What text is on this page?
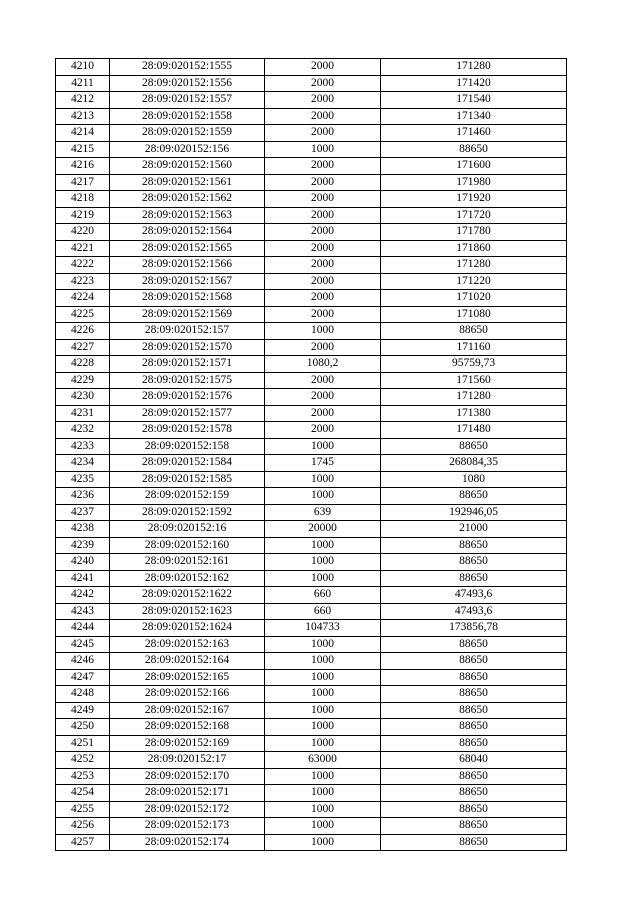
4210	28:09:020152:1555	2000	171280
4211	28:09:020152:1556	2000	171420
4212	28:09:020152:1557	2000	171540
4213	28:09:020152:1558	2000	171340
4214	28:09:020152:1559	2000	171460
4215	28:09:020152:156	1000	88650
4216	28:09:020152:1560	2000	171600
4217	28:09:020152:1561	2000	171980
4218	28:09:020152:1562	2000	171920
4219	28:09:020152:1563	2000	171720
4220	28:09:020152:1564	2000	171780
4221	28:09:020152:1565	2000	171860
4222	28:09:020152:1566	2000	171280
4223	28:09:020152:1567	2000	171220
4224	28:09:020152:1568	2000	171020
4225	28:09:020152:1569	2000	171080
4226	28:09:020152:157	1000	88650
4227	28:09:020152:1570	2000	171160
4228	28:09:020152:1571	1080,2	95759,73
4229	28:09:020152:1575	2000	171560
4230	28:09:020152:1576	2000	171280
4231	28:09:020152:1577	2000	171380
4232	28:09:020152:1578	2000	171480
4233	28:09:020152:158	1000	88650
4234	28:09:020152:1584	1745	268084,35
4235	28:09:020152:1585	1000	1080
4236	28:09:020152:159	1000	88650
4237	28:09:020152:1592	639	192946,05
4238	28:09:020152:16	20000	21000
4239	28:09:020152:160	1000	88650
4240	28:09:020152:161	1000	88650
4241	28:09:020152:162	1000	88650
4242	28:09:020152:1622	660	47493,6
4243	28:09:020152:1623	660	47493,6
4244	28:09:020152:1624	104733	173856,78
4245	28:09:020152:163	1000	88650
4246	28:09:020152:164	1000	88650
4247	28:09:020152:165	1000	88650
4248	28:09:020152:166	1000	88650
4249	28:09:020152:167	1000	88650
4250	28:09:020152:168	1000	88650
4251	28:09:020152:169	1000	88650
4252	28:09:020152:17	63000	68040
4253	28:09:020152:170	1000	88650
4254	28:09:020152:171	1000	88650
4255	28:09:020152:172	1000	88650
4256	28:09:020152:173	1000	88650
4257	28:09:020152:174	1000	88650
